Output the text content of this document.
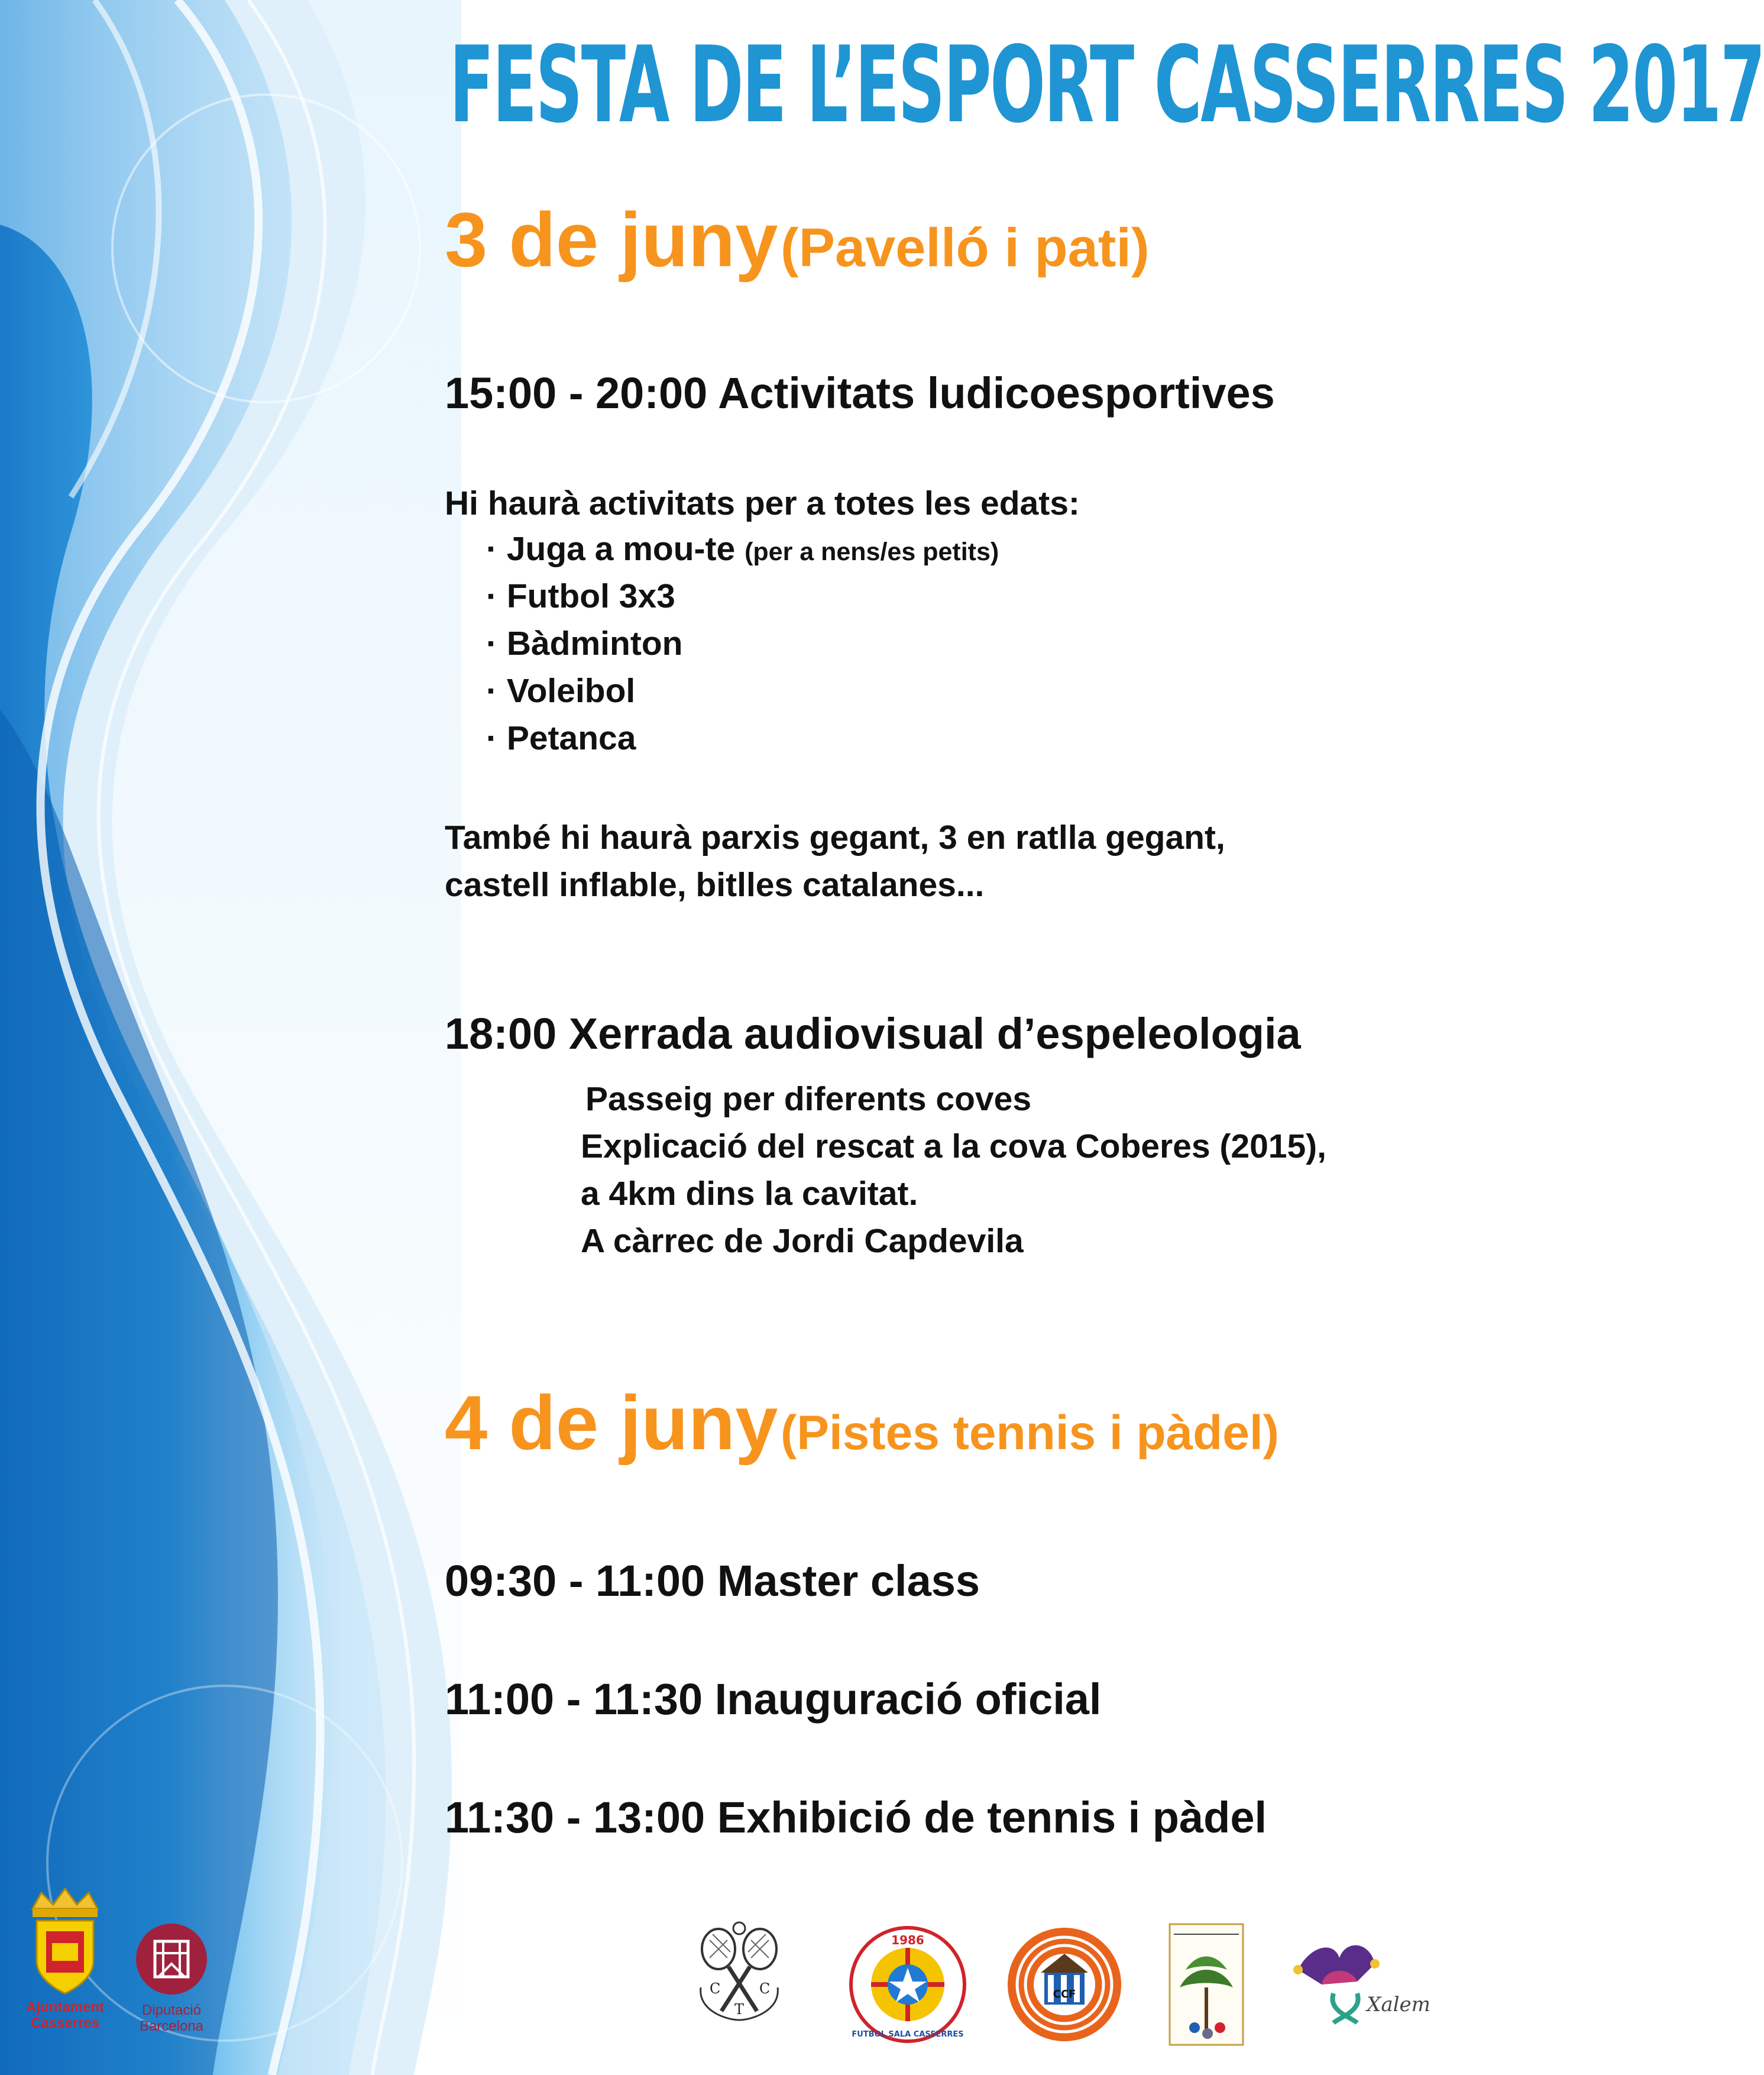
FESTA DE L’ESPORT CASSERRES 2017
3 de juny (Pavelló i pati)
15:00 - 20:00 Activitats ludicoesportives
Hi haurà activitats per a totes les edats:
· Juga a mou-te (per a nens/es petits)
· Futbol 3x3
· Bàdminton
· Voleibol
· Petanca
També hi haurà parxis gegant, 3 en ratlla gegant,
castell inflable, bitlles catalanes...
18:00 Xerrada audiovisual d’espeleologia
Passeig per diferents coves
Explicació del rescat a la cova Coberes (2015),
a 4km dins la cavitat.
A càrrec de Jordi Capdevila
4 de juny (Pistes tennis i pàdel)
09:30 - 11:00 Master class
11:00 - 11:30 Inauguració oficial
11:30 - 13:00 Exhibició de tennis i pàdel
Ajuntament
Casserres
Diputació
Barcelona
C
T
C
1986
FUTBOL SALA CASSERRES
CCF	Xalem
